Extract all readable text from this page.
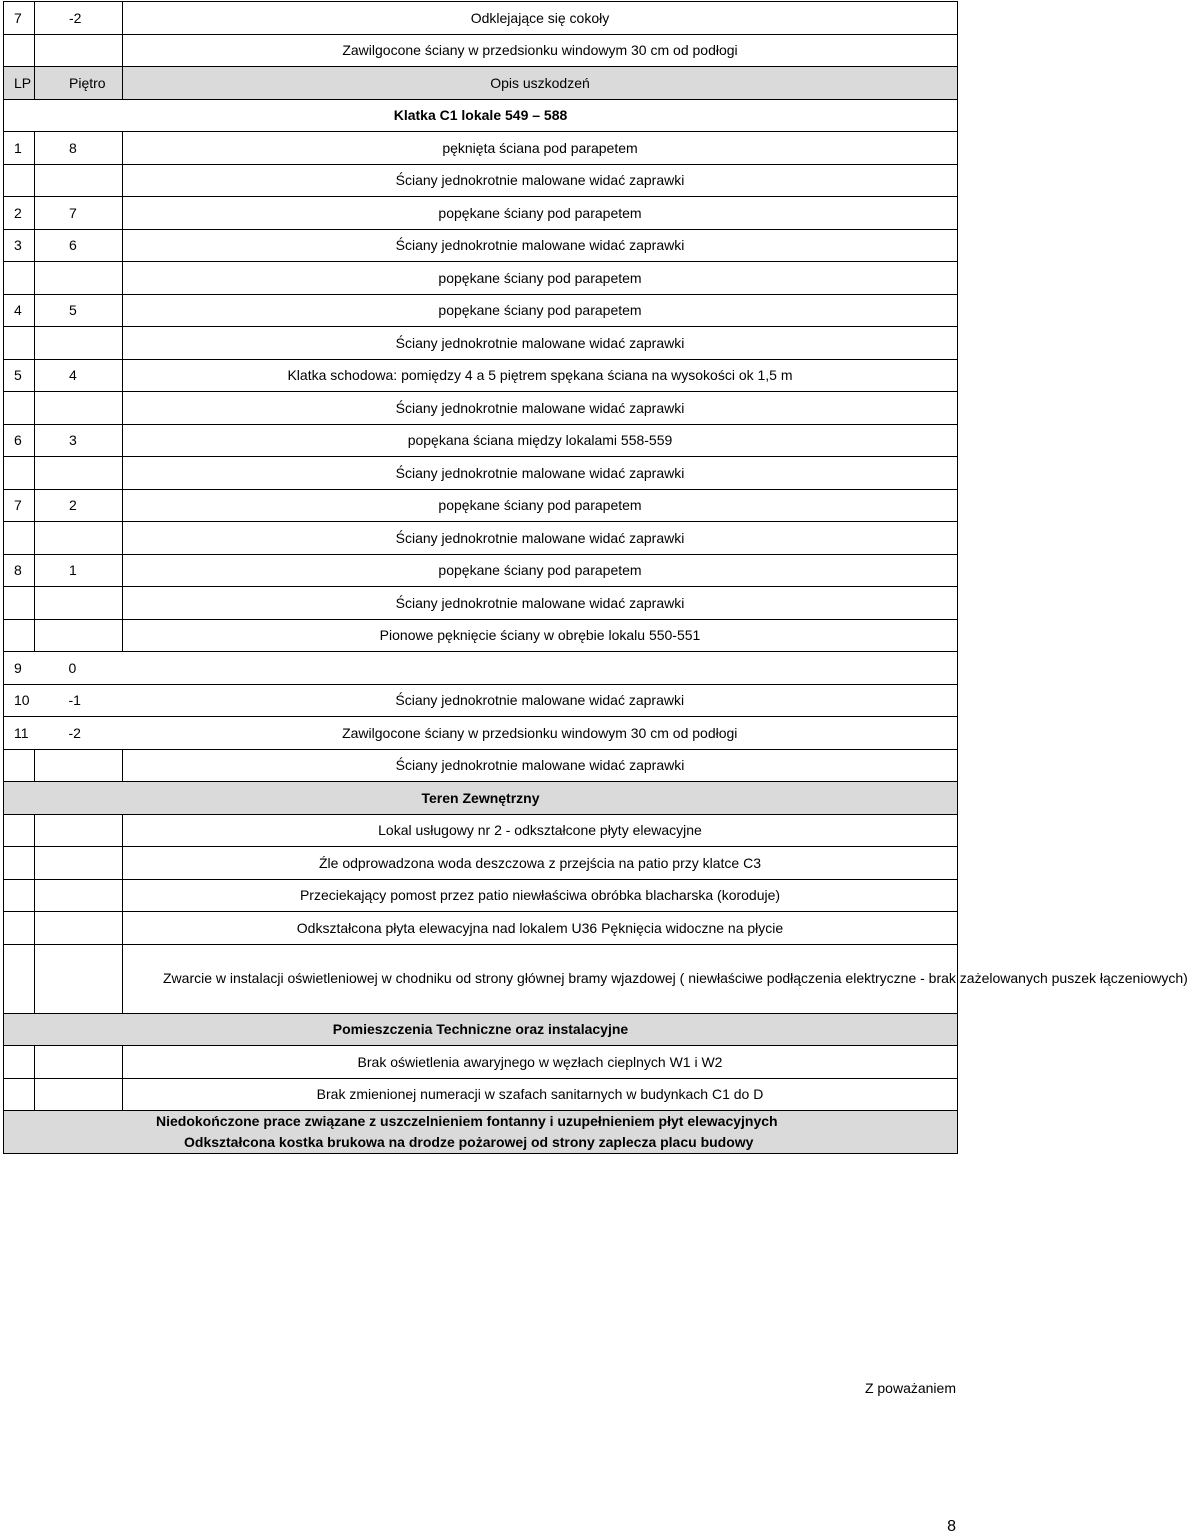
7	-2	Odklejające się cokoły
		Zawilgocone ściany w przedsionku windowym 30 cm od podłogi
LP	Piętro	Opis uszkodzeń
Klatka C1 lokale 549 – 588		
1	8	pęknięta ściana pod parapetem
		Ściany jednokrotnie malowane widać zaprawki
2	7	popękane ściany pod parapetem
3	6	Ściany jednokrotnie malowane widać zaprawki
		popękane ściany pod parapetem
4	5	popękane ściany pod parapetem
		Ściany jednokrotnie malowane widać zaprawki
5	4	Klatka schodowa: pomiędzy 4 a 5 piętrem spękana ściana na wysokości ok 1,5 m
		Ściany jednokrotnie malowane widać zaprawki
6	3	popękana ściana między lokalami 558-559
		Ściany jednokrotnie malowane widać zaprawki
7	2	popękane ściany pod parapetem
		Ściany jednokrotnie malowane widać zaprawki
8	1	popękane ściany pod parapetem
		Ściany jednokrotnie malowane widać zaprawki
		Pionowe pęknięcie ściany w obrębie lokalu 550-551
9	0	
10	-1	Ściany jednokrotnie malowane widać zaprawki
11	-2	Zawilgocone ściany w przedsionku windowym 30 cm od podłogi
		Ściany jednokrotnie malowane widać zaprawki
Teren Zewnętrzny		
		Lokal usługowy nr 2 - odkształcone płyty elewacyjne
		Źle odprowadzona woda deszczowa z przejścia na patio przy klatce C3
		Przeciekający pomost przez patio niewłaściwa obróbka blacharska (koroduje)
		Odkształcona płyta elewacyjna nad lokalem U36 Pęknięcia widoczne na płycie
		Zwarcie w instalacji oświetleniowej w chodniku od strony głównej bramy wjazdowej ( niewłaściwe podłączenia elektryczne - brak zażelowanych puszek łączeniowych)
Pomieszczenia Techniczne oraz instalacyjne		
		Brak oświetlenia awaryjnego w węzłach cieplnych W1 i W2
		Brak zmienionej numeracji w szafach sanitarnych w budynkach C1 do D

Niedokończone prace związane z uszczelnieniem fontanny i uzupełnieniem płyt elewacyjnych
Odkształcona kostka brukowa na drodze pożarowej od strony zaplecza placu budowy		
Z poważaniem
8
